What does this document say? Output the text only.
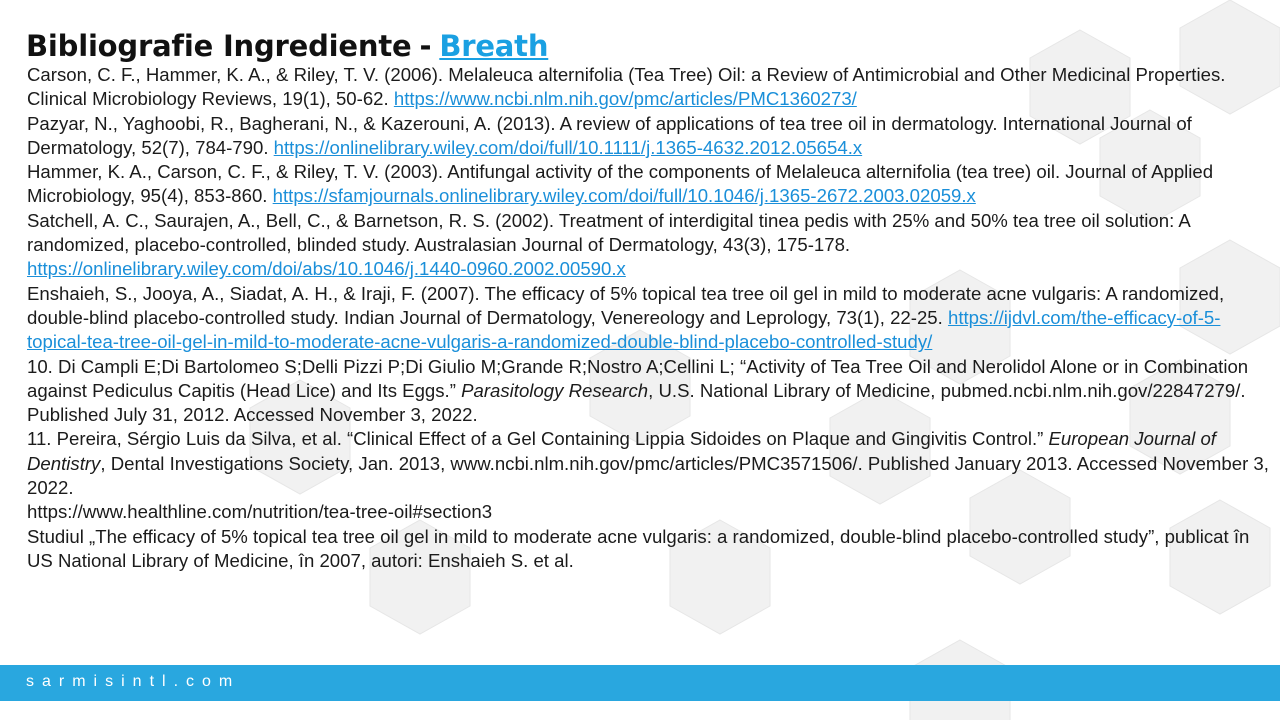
Bibliografie Ingrediente - Breath

Carson, C. F., Hammer, K. A., & Riley, T. V. (2006). Melaleuca alternifolia (Tea Tree) Oil: a Review of Antimicrobial and Other Medicinal Properties. Clinical Microbiology Reviews, 19(1), 50-62. https://www.ncbi.nlm.nih.gov/pmc/articles/PMC1360273/

Pazyar, N., Yaghoobi, R., Bagherani, N., & Kazerouni, A. (2013). A review of applications of tea tree oil in dermatology. International Journal of Dermatology, 52(7), 784-790. https://onlinelibrary.wiley.com/doi/full/10.1111/j.1365-4632.2012.05654.x

Hammer, K. A., Carson, C. F., & Riley, T. V. (2003). Antifungal activity of the components of Melaleuca alternifolia (tea tree) oil. Journal of Applied Microbiology, 95(4), 853-860. https://sfamjournals.onlinelibrary.wiley.com/doi/full/10.1046/j.1365-2672.2003.02059.x

Satchell, A. C., Saurajen, A., Bell, C., & Barnetson, R. S. (2002). Treatment of interdigital tinea pedis with 25% and 50% tea tree oil solution: A randomized, placebo-controlled, blinded study. Australasian Journal of Dermatology, 43(3), 175-178. https://onlinelibrary.wiley.com/doi/abs/10.1046/j.1440-0960.2002.00590.x

Enshaieh, S., Jooya, A., Siadat, A. H., & Iraji, F. (2007). The efficacy of 5% topical tea tree oil gel in mild to moderate acne vulgaris: A randomized, double-blind placebo-controlled study. Indian Journal of Dermatology, Venereology and Leprology, 73(1), 22-25. https://ijdvl.com/the-efficacy-of-5-topical-tea-tree-oil-gel-in-mild-to-moderate-acne-vulgaris-a-randomized-double-blind-placebo-controlled-study/

10. Di Campli E;Di Bartolomeo S;Delli Pizzi P;Di Giulio M;Grande R;Nostro A;Cellini L; “Activity of Tea Tree Oil and Nerolidol Alone or in Combination against Pediculus Capitis (Head Lice) and Its Eggs.” Parasitology Research, U.S. National Library of Medicine, pubmed.ncbi.nlm.nih.gov/22847279/. Published July 31, 2012. Accessed November 3, 2022.

11. Pereira, Sérgio Luis da Silva, et al. “Clinical Effect of a Gel Containing Lippia Sidoides on Plaque and Gingivitis Control.” European Journal of Dentistry, Dental Investigations Society, Jan. 2013, www.ncbi.nlm.nih.gov/pmc/articles/PMC3571506/. Published January 2013. Accessed November 3, 2022.

https://www.healthline.com/nutrition/tea-tree-oil#section3

Studiul „The efficacy of 5% topical tea tree oil gel in mild to moderate acne vulgaris: a randomized, double-blind placebo-controlled study”, publicat în US National Library of Medicine, în 2007, autori: Enshaieh S. et al.

sarmisintl.com
